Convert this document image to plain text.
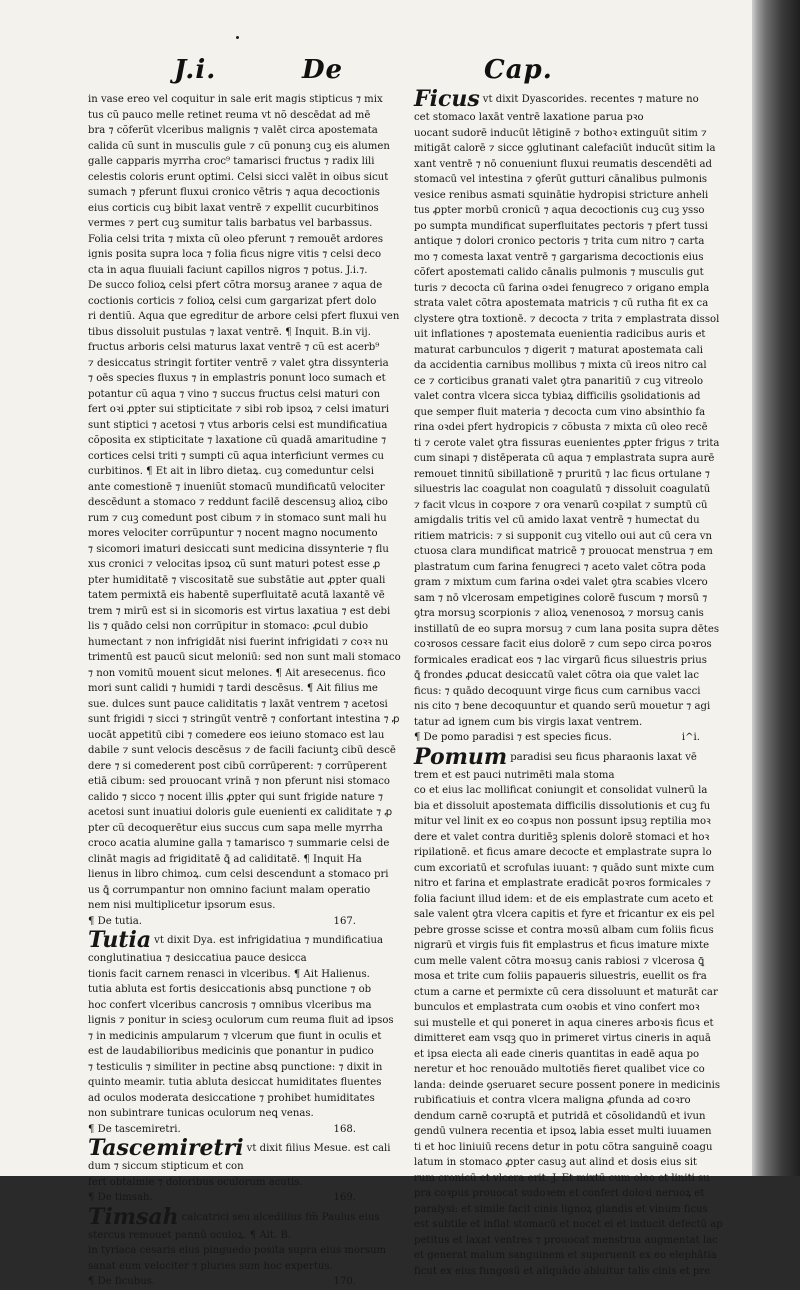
J.i.	De	Cap.
in vase ereo vel coquitur in sale erit magis stipticus ⁊ mix
tus cũ pauco melle retinet reuma vt nõ descēdat ad mē
bra ⁊ cõferũt vlceribus malignis ⁊ valēt circa apostemata
calida cũ sunt in musculis gule ⁊ cũ ponunꝫ cuꝫ eis alumen
galle capparis myrrha croc⁹ tamarisci fructus ⁊ radix lili
celestis coloris erunt optimi. Celsi sicci valēt in oibus sicut
sumach ⁊ pferunt fluxui cronico vētris ⁊ aqua decoctionis
eius corticis cuꝫ bibit laxat ventrē ⁊ expellit cucurbitinos
vermes ⁊ pert cuꝫ sumitur talis barbatus vel barbassus.
Folia celsi trita ⁊ mixta cũ oleo pferunt ⁊ remouēt ardores
ignis posita supra loca ⁊ folia ficus nigre vitis ⁊ celsi deco
cta in aqua fluuiali faciunt capillos nigros ⁊ potus. J.i.⁊.
De succo folioꝝ celsi pfert cõtra morsuꝫ aranee ⁊ aqua de
coctionis corticis ⁊ folioꝝ celsi cum gargarizat pfert dolo
ri dentiũ. Aqua que egreditur de arbore celsi pfert fluxui ven
tibus dissoluit pustulas ⁊ laxat ventrē. ¶ Inquit. B.in vij.
fructus arboris celsi maturus laxat ventrē ⁊ cũ est acerb⁹
⁊ desiccatus stringit fortiter ventrē ⁊ valet ꝯtra dissynteria
⁊ oēs species fluxus ⁊ in emplastris ponunt loco sumach et
potantur cũ aqua ⁊ vino ⁊ succus fructus celsi maturi con
fert oꝛi ꝓpter sui stipticitate ⁊ sibi rob ipsoꝝ ⁊ celsi imaturi
sunt stiptici ⁊ acetosi ⁊ vtus arboris celsi est mundificatiua
cõposita ex stipticitate ⁊ laxatione cũ quadā amaritudine ⁊
cortices celsi triti ⁊ sumpti cũ aqua interficiunt vermes cu
curbitinos. ¶ Et ait in libro dietaꝝ. cuꝫ comeduntur celsi
ante comestionē ⁊ inueniũt stomacū mundificatū velociter
descēdunt a stomaco ⁊ reddunt facilē descensuꝫ alioꝝ cibo
rum ⁊ cuꝫ comedunt post cibum ⁊ in stomaco sunt mali hu
mores velociter corrũpuntur ⁊ nocent magno nocumento
⁊ sicomori imaturi desiccati sunt medicina dissynterie ⁊ flu
xus cronici ⁊ velocitas ipsoꝝ cũ sunt maturi potest esse ꝓ
pter humiditatē ⁊ viscositatē sue substātie aut ꝓpter quali
tatem permixtā eis habentē superfluitatē acutā laxantē vē
trem ⁊ mirū est si in sicomoris est virtus laxatiua ⁊ est debi
lis ⁊ quādo celsi non corrūpitur in stomaco: ꝓcul dubio
humectant ⁊ non infrigidāt nisi fuerint infrigidati ⁊ coꝛꝛ nu
trimentū est paucū sicut meloniū: sed non sunt mali stomaco
⁊ non vomitū mouent sicut melones. ¶ Ait aresecenus. fico
mori sunt calidi ⁊ humidi ⁊ tardi descēsus. ¶ Ait filius me
sue. dulces sunt pauce caliditatis ⁊ laxāt ventrem ⁊ acetosi
sunt frigidi ⁊ sicci ⁊ stringūt ventrē ⁊ confortant intestina ⁊ ꝓ
uocāt appetitū cibi ⁊ comedere eos ieiuno stomaco est lau
dabile ⁊ sunt velocis descēsus ⁊ de facili faciuntꝫ cibū descē
dere ⁊ si comederent post cibū corrūperent: ⁊ corrūperent
etiā cibum: sed prouocant vrinā ⁊ non pferunt nisi stomaco
calido ⁊ sicco ⁊ nocent illis ꝓpter qui sunt frigide nature ⁊
acetosi sunt inuatiui doloris gule euenienti ex caliditate ⁊ ꝓ
pter cũ decoquerētur eius succus cum sapa melle myrrha
croco acatia alumine galla ⁊ tamarisco ⁊ summarie celsi de
clināt magis ad frigiditatē ꝗ̄ ad caliditatē. ¶ Inquit Ha
lienus in libro chimoꝝ. cum celsi descendunt a stomaco pri
us ꝗ̄ corrumpantur non omnino faciunt malam operatio
nem nisi multiplicetur ipsorum esus.
¶ De tutia.	167.
Tutia vt dixit Dya. est infrigidatiua ⁊ mundificatiua
conglutinatiua ⁊ desiccatiua pauce desicca
tionis facit carnem renasci in vlceribus. ¶ Ait Halienus.
tutia abluta est fortis desiccationis absꝗ punctione ⁊ ob
hoc confert vlceribus cancrosis ⁊ omnibus vlceribus ma
lignis ⁊ ponitur in sciesꝫ oculorum cum reuma fluit ad ipsos
⁊ in medicinis ampularum ⁊ vlcerum que fiunt in oculis et
est de laudabilioribus medicinis que ponantur in pudico
⁊ testiculis ⁊ similiter in pectine absꝗ punctione: ⁊ dixit in
quinto meamir. tutia abluta desiccat humiditates fluentes
ad oculos moderata desiccatione ⁊ prohibet humiditates
non subintrare tunicas oculorum neꝗ venas.
¶ De tascemiretri.	168.
Tascemiretri vt dixit filius Mesue. est cali
dum ⁊ siccum stipticum et con
fert obtalmie ⁊ doloribus oculorum acutis.
¶ De timsah.	169.
Timsah calcatrici seu alcedilius fm̄ Paulus eius
stercus remouet pannū oculoꝝ. ¶ Ait. B.
in tyriaca cesaris eius pinguedo posita supra eius morsum
sanat eum velociter ⁊ pluries sum hoc expertus.
¶ De ficubus.	170.
Ficus vt dixit Dyascorides. recentes ⁊ mature no
cet stomaco laxāt ventrē laxatione parua pꝛo
uocant sudorē inducūt lētiginē ⁊ bothoꝛ extinguūt sitim ⁊
mitigāt calorē ⁊ sicce ꝯglutinant calefaciūt inducūt sitim la
xant ventrē ⁊ nō conueniunt fluxui reumatis descendēti ad
stomacū vel intestina ⁊ ꝯferūt gutturi cānalibus pulmonis
vesice renibus asmati squinātie hydropisi stricture anheli
tus ꝓpter morbū cronicū ⁊ aqua decoctionis cuꝫ cuꝫ ysso
po sumpta mundificat superfluitates pectoris ⁊ pfert tussi
antique ⁊ dolori cronico pectoris ⁊ trita cum nitro ⁊ carta
mo ⁊ comesta laxat ventrē ⁊ gargarisma decoctionis eius
cõfert apostemati calido cānalis pulmonis ⁊ musculis gut
turis ⁊ decocta cū farina oꝛdei fenugreco ⁊ origano empla
strata valet cõtra apostemata matricis ⁊ cū rutha fit ex ca
clystere ꝯtra toxtionē. ⁊ decocta ⁊ trita ⁊ emplastrata dissol
uit inflationes ⁊ apostemata euenientia radicibus auris et
maturat carbunculos ⁊ digerit ⁊ maturat apostemata cali
da accidentia carnibus mollibus ⁊ mixta cū ireos nitro cal
ce ⁊ corticibus granati valet ꝯtra panaritiū ⁊ cuꝫ vitreolo
valet contra vlcera sicca tybiaꝝ difficilis ꝯsolidationis ad
que semper fluit materia ⁊ decocta cum vino absinthio fa
rina oꝛdei pfert hydropicis ⁊ cõbusta ⁊ mixta cū oleo recē
ti ⁊ cerote valet ꝯtra fissuras euenientes ꝓpter frigus ⁊ trita
cum sinapi ⁊ distēperata cū aqua ⁊ emplastrata supra aurē
remouet tinnitū sibillationē ⁊ pruritū ⁊ lac ficus ortulane ⁊
siluestris lac coagulat non coagulatū ⁊ dissoluit coagulatū
⁊ facit vlcus in coꝛpore ⁊ ora venarū coꝛpilat ⁊ sumptū cū
amigdalis tritis vel cū amido laxat ventrē ⁊ humectat du
ritiem matricis: ⁊ si supponit cuꝫ vitello oui aut cū cera vn
ctuosa clara mundificat matricē ⁊ prouocat menstrua ⁊ em
plastratum cum farina fenugreci ⁊ aceto valet cõtra poda
gram ⁊ mixtum cum farina oꝛdei valet ꝯtra scabies vlcero
sam ⁊ nō vlcerosam empetigines colorē fuscum ⁊ morsū ⁊
ꝯtra morsuꝫ scorpionis ⁊ alioꝝ venenosoꝝ ⁊ morsuꝫ canis
instillatū de eo supra morsuꝫ ⁊ cum lana posita supra dētes
coꝛrosos cessare facit eius dolorē ⁊ cum sepo circa poꝛros
formicales eradicat eos ⁊ lac virgarū ficus siluestris prius
ꝗ̄ frondes ꝓducat desiccatū valet cõtra oia que valet lac
ficus: ⁊ quādo decoquunt virge ficus cum carnibus vacci
nis cito ⁊ bene decoquuntur et quando serū mouetur ⁊ agi
tatur ad ignem cum bis virgis laxat ventrem.
¶ De pomo paradisi ⁊ est species ficus.	i^i.
Pomum paradisi seu ficus pharaonis laxat vē
trem et est pauci nutrimēti mala stoma
co et eius lac mollificat coniungit et consolidat vulnerū la
bia et dissoluit apostemata difficilis dissolutionis et cuꝫ fu
mitur vel linit ex eo coꝛpus non possunt ipsuꝫ reptilia moꝛ
dere et valet contra duritiēꝫ splenis dolorē stomaci et hoꝛ
ripilationē. et ficus amare decocte et emplastrate supra lo
cum excoriatū et scrofulas iuuant: ⁊ quādo sunt mixte cum
nitro et farina et emplastrate eradicāt poꝛros formicales ⁊
folia faciunt illud idem: et de eis emplastrate cum aceto et
sale valent ꝯtra vlcera capitis et fyre et fricantur ex eis pel
pebre grosse scisse et contra moꝛsū albam cum foliis ficus
nigrarū et virgis fuis fit emplastrus et ficus imature mixte
cum melle valent cõtra moꝛsuꝫ canis rabiosi ⁊ vlcerosa ꝗ̄
mosa et trite cum foliis papaueris siluestris, euellit os fra
ctum a carne et permixte cū cera dissoluunt et maturāt car
bunculos et emplastrata cum oꝛobis et vino confert moꝛ
sui mustelle et qui poneret in aqua cineres arboꝛis ficus et
dimitteret eam vsqꝫ quo in primeret virtus cineris in aquā
et ipsa eiecta ali eade cineris quantitas in eadē aqua po
neretur et hoc renouādo multotiēs fieret qualibet vice co
landa: deinde ꝯseruaret secure possent ponere in medicinis
rubificatiuis et contra vlcera maligna ꝓfunda ad coꝛro
dendum carnē coꝛruptā et putridā et cõsolidandū et ivun
gendū vulnera recentia et ipsoꝝ labia esset multi iuuamen
ti et hoc liniuiū recens detur in potu cõtra sanguinē coagu
latum in stomaco ꝓpter casuꝫ aut alind et dosis eius sit
rum cronicū et vlcera erit. J. Et mixtū cum oleo et liniti su
pra coꝛpus prouocat sudoꝛem et confert doloꝛi neruoꝝ et
paralysi: et simile facit cinis lignoꝝ glandis et vinum ficus
est subtile et inflat stomacū et nocet ei et inducit defectū ap
petitus et laxat ventres ⁊ prouocat menstrua augmentat lac
et generat malum sanguinem et superuenit ex eo elephātia
ficut ex eius fungosū et aliquādo abluitur talis cinis et pre
